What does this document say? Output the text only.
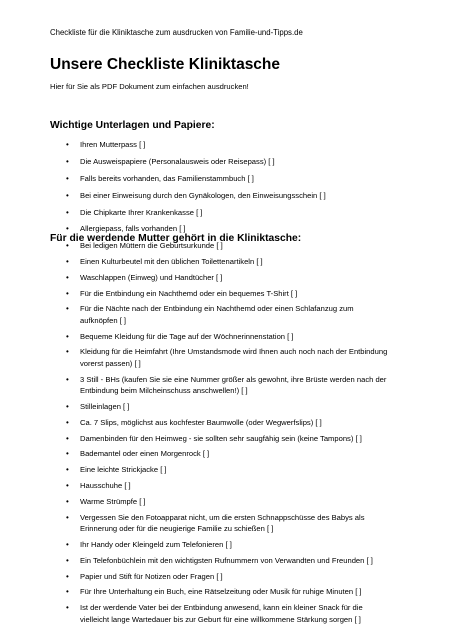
Checkliste für die Kliniktasche zum ausdrucken von Familie-und-Tipps.de
Unsere Checkliste Kliniktasche
Hier für Sie als PDF Dokument zum einfachen ausdrucken!
Wichtige Unterlagen und Papiere:
• Ihren Mutterpass [ ]
• Die Ausweispapiere (Personalausweis oder Reisepass) [ ]
• Falls bereits vorhanden, das Familienstammbuch [ ]
• Bei einer Einweisung durch den Gynäkologen, den Einweisungsschein [ ]
• Die Chipkarte Ihrer Krankenkasse [ ]
• Allergiepass, falls vorhanden [ ]
• Bei ledigen Müttern die Geburtsurkunde [ ]
Für die werdende Mutter gehört in die Kliniktasche:
• Einen Kulturbeutel mit den üblichen Toilettenartikeln [ ]
• Waschlappen (Einweg) und Handtücher [ ]
• Für die Entbindung ein Nachthemd oder ein bequemes T-Shirt [ ]
• Für die Nächte nach der Entbindung ein Nachthemd oder einen Schlafanzug zum aufknöpfen [ ]
• Bequeme Kleidung für die Tage auf der Wöchnerinnenstation [ ]
• Kleidung für die Heimfahrt (Ihre Umstandsmode wird Ihnen auch noch nach der Entbindung vorerst passen) [ ]
• 3 Still - BHs (kaufen Sie sie eine Nummer größer als gewohnt, ihre Brüste werden nach der Entbindung beim Milcheinschuss anschwellen!) [ ]
• Stilleinlagen [ ]
• Ca. 7 Slips, möglichst aus kochfester Baumwolle (oder Wegwerfslips) [ ]
• Damenbinden für den Heimweg - sie sollten sehr saugfähig sein (keine Tampons) [ ]
• Bademantel oder einen Morgenrock [ ]
• Eine leichte Strickjacke [ ]
• Hausschuhe [ ]
• Warme Strümpfe [ ]
• Vergessen Sie den Fotoapparat nicht, um die ersten Schnappschüsse des Babys als Erinnerung oder für die neugierige Familie zu schießen [ ]
• Ihr Handy oder Kleingeld zum Telefonieren [ ]
• Ein Telefonbüchlein mit den wichtigsten Rufnummern von Verwandten und Freunden [ ]
• Papier und Stift für Notizen oder Fragen [ ]
• Für Ihre Unterhaltung ein Buch, eine Rätselzeitung oder Musik für ruhige Minuten [ ]
• Ist der werdende Vater bei der Entbindung anwesend, kann ein kleiner Snack für die vielleicht lange Wartedauer bis zur Geburt für eine willkommene Stärkung sorgen [ ]
